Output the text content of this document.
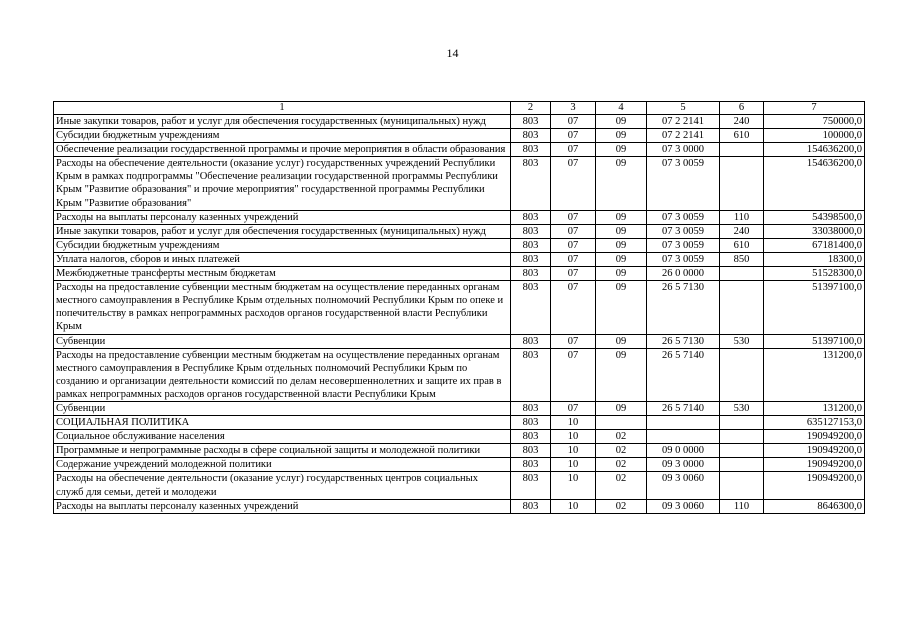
14
1	2	3	4	5	6	7
Иные закупки товаров, работ и услуг для обеспечения государственных (муниципальных) нужд	803	07	09	07 2 2141	240	750000,0
Субсидии бюджетным учреждениям	803	07	09	07 2 2141	610	100000,0
Обеспечение реализации государственной программы и прочие мероприятия в области образования	803	07	09	07 3 0000		154636200,0
Расходы на обеспечение деятельности (оказание услуг) государственных учреждений Республики Крым в рамках подпрограммы "Обеспечение реализации государственной программы Республики Крым "Развитие образования" и прочие мероприятия" государственной программы Республики Крым "Развитие образования"	803	07	09	07 3 0059		154636200,0
Расходы на выплаты персоналу казенных учреждений	803	07	09	07 3 0059	110	54398500,0
Иные закупки товаров, работ и услуг для обеспечения государственных (муниципальных) нужд	803	07	09	07 3 0059	240	33038000,0
Субсидии бюджетным учреждениям	803	07	09	07 3 0059	610	67181400,0
Уплата налогов, сборов и иных платежей	803	07	09	07 3 0059	850	18300,0
Межбюджетные трансферты местным бюджетам	803	07	09	26 0 0000		51528300,0
Расходы на предоставление субвенции местным бюджетам на осуществление переданных органам местного самоуправления в Республике Крым отдельных полномочий Республики Крым по опеке и попечительству в рамках непрограммных расходов органов государственной власти Республики Крым	803	07	09	26 5 7130		51397100,0
Субвенции	803	07	09	26 5 7130	530	51397100,0
Расходы на предоставление субвенции местным бюджетам на осуществление переданных органам местного самоуправления в Республике Крым отдельных полномочий Республики Крым по созданию и организации деятельности комиссий по делам несовершеннолетних и защите их прав в рамках непрограммных расходов органов государственной власти Республики Крым	803	07	09	26 5 7140		131200,0
Субвенции	803	07	09	26 5 7140	530	131200,0
СОЦИАЛЬНАЯ ПОЛИТИКА	803	10				635127153,0
Социальное обслуживание населения	803	10	02			190949200,0
Программные и непрограммные расходы в сфере социальной защиты и молодежной политики	803	10	02	09 0 0000		190949200,0
Содержание учреждений молодежной политики	803	10	02	09 3 0000		190949200,0
Расходы на обеспечение деятельности (оказание услуг) государственных центров социальных служб для семьи, детей и молодежи	803	10	02	09 3 0060		190949200,0
Расходы на выплаты персоналу казенных учреждений	803	10	02	09 3 0060	110	8646300,0
